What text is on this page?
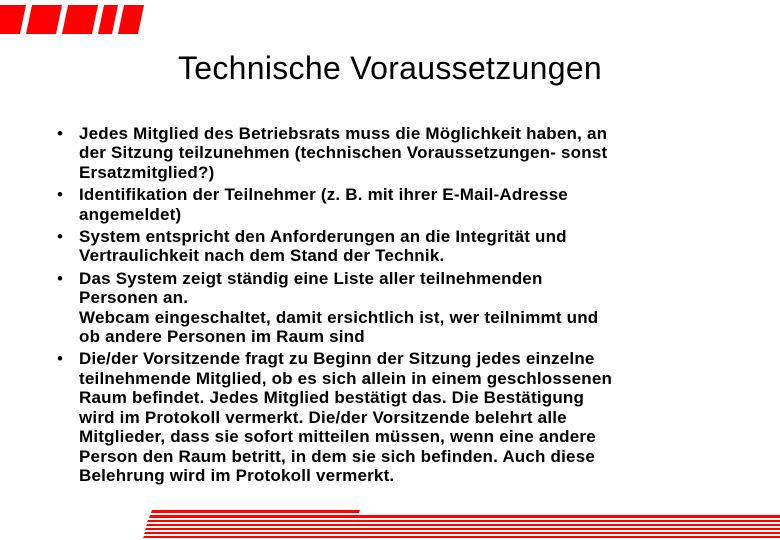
Technische Voraussetzungen
• Jedes Mitglied des Betriebsrats muss die Möglichkeit haben, an
der Sitzung teilzunehmen (technischen Voraussetzungen- sonst
Ersatzmitglied?)
• Identifikation der Teilnehmer (z. B. mit ihrer E-Mail-Adresse
angemeldet)
• System entspricht den Anforderungen an die Integrität und
Vertraulichkeit nach dem Stand der Technik.
• Das System zeigt ständig eine Liste aller teilnehmenden
Personen an.
Webcam eingeschaltet, damit ersichtlich ist, wer teilnimmt und
ob andere Personen im Raum sind
• Die/der Vorsitzende fragt zu Beginn der Sitzung jedes einzelne
teilnehmende Mitglied, ob es sich allein in einem geschlossenen
Raum befindet. Jedes Mitglied bestätigt das. Die Bestätigung
wird im Protokoll vermerkt. Die/der Vorsitzende belehrt alle
Mitglieder, dass sie sofort mitteilen müssen, wenn eine andere
Person den Raum betritt, in dem sie sich befinden. Auch diese
Belehrung wird im Protokoll vermerkt.
